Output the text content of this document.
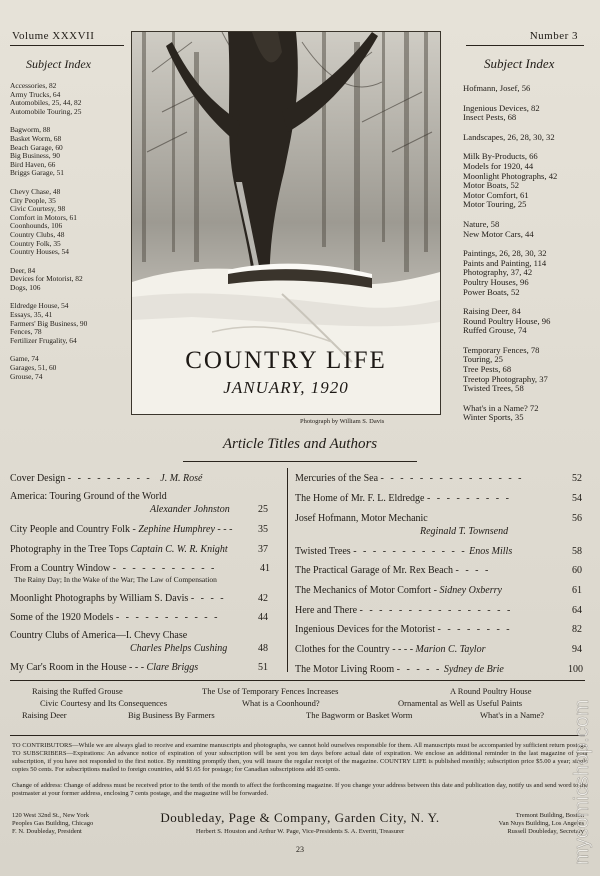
Volume XXXVII	Number 3
Subject Index
Accessories, 82
Army Trucks, 64
Automobiles, 25, 44, 82
Automobile Touring, 25
Bagworm, 88
Basket Worm, 68
Beach Garage, 60
Big Business, 90
Bird Haven, 66
Briggs Garage, 51
Chevy Chase, 48
City People, 35
Civic Courtesy, 98
Comfort in Motors, 61
Coonhounds, 106
Country Clubs, 48
Country Folk, 35
Country Houses, 54
Deer, 84
Devices for Motorist, 82
Dogs, 106
Eldredge House, 54
Essays, 35, 41
Farmers' Big Business, 90
Fences, 78
Fertilizer Frugality, 64
Game, 74
Garages, 51, 60
Grouse, 74
Subject Index
Hofmann, Josef, 56
Ingenious Devices, 82
Insect Pests, 68
Landscapes, 26, 28, 30, 32
Milk By-Products, 66
Models for 1920, 44
Moonlight Photographs, 42
Motor Boats, 52
Motor Comfort, 61
Motor Touring, 25
Nature, 58
New Motor Cars, 44
Paintings, 26, 28, 30, 32
Paints and Painting, 114
Photography, 37, 42
Poultry Houses, 96
Power Boats, 52
Raising Deer, 84
Round Poultry House, 96
Ruffed Grouse, 74
Temporary Fences, 78
Touring, 25
Tree Pests, 68
Treetop Photography, 37
Twisted Trees, 58
What's in a Name? 72
Winter Sports, 35
COUNTRY LIFE
JANUARY, 1920
Photograph by William S. Davis
Article Titles and Authors
Cover Design - - - - - - - - - J. M. Rosé
America: Touring Ground of the World
Alexander Johnston	25
City People and Country Folk - Zephine Humphrey - - -	35
Photography in the Tree Tops Captain C. W. R. Knight	37
From a Country Window - - - - - - - - - - -	41
The Rainy Day; In the Wake of the War; The Law of Compensation
Moonlight Photographs by William S. Davis - - - -	42
Some of the 1920 Models - - - - - - - - - - -	44
Country Clubs of America—I. Chevy Chase
Charles Phelps Cushing	48
My Car's Room in the House - - - Clare Briggs	51
Mercuries of the Sea - - - - - - - - - - - - - - -	52
The Home of Mr. F. L. Eldredge - - - - - - - - -	54
Josef Hofmann, Motor Mechanic	56
Reginald T. Townsend
Twisted Trees - - - - - - - - - - - - Enos Mills	58
The Practical Garage of Mr. Rex Beach - - - -	60
The Mechanics of Motor Comfort - Sidney Oxberry	61
Here and There - - - - - - - - - - - - - - - -	64
Ingenious Devices for the Motorist - - - - - - - -	82
Clothes for the Country - - - - Marion C. Taylor	94
The Motor Living Room - - - - - Sydney de Brie	100
Raising the Ruffed Grouse	The Use of Temporary Fences Increases	A Round Poultry House
Civic Courtesy and Its Consequences	What is a Coonhound?	Ornamental as Well as Useful Paints
Raising Deer	Big Business By Farmers	The Bagworm or Basket Worm	What's in a Name?
TO CONTRIBUTORS—While we are always glad to receive and examine manuscripts and photographs, we cannot hold ourselves responsible for them. All manuscripts must be accompanied by sufficient return postage. TO SUBSCRIBERS—Expirations: An advance notice of expiration of your subscription will be sent you ten days before actual date of expiration. We enclose an additional reminder in the last magazine of your subscription, if you have not responded to the first notice. By remitting promptly then, you will insure the regular receipt of the magazine. COUNTRY LIFE is published monthly; subscription price $5.00 a year; single copies 50 cents. For subscriptions mailed to foreign countries, add $1.65 for postage; for Canadian subscriptions add 85 cents.
Change of address: Change of address must be received prior to the tenth of the month to affect the forthcoming magazine. If you change your address between this date and publication day, notify us and send word to the postmaster at your former address, enclosing 7 cents postage, and the magazine will be forwarded.
120 West 32nd St., New York
Peoples Gas Building, Chicago
F. N. Doubleday, President
Doubleday, Page & Company, Garden City, N. Y.
Herbert S. Houston and Arthur W. Page, Vice-Presidents S. A. Everitt, Treasurer
Tremont Building, Boston
Van Nuys Building, Los Angeles
Russell Doubleday, Secretary
23	mycomicshop.com
